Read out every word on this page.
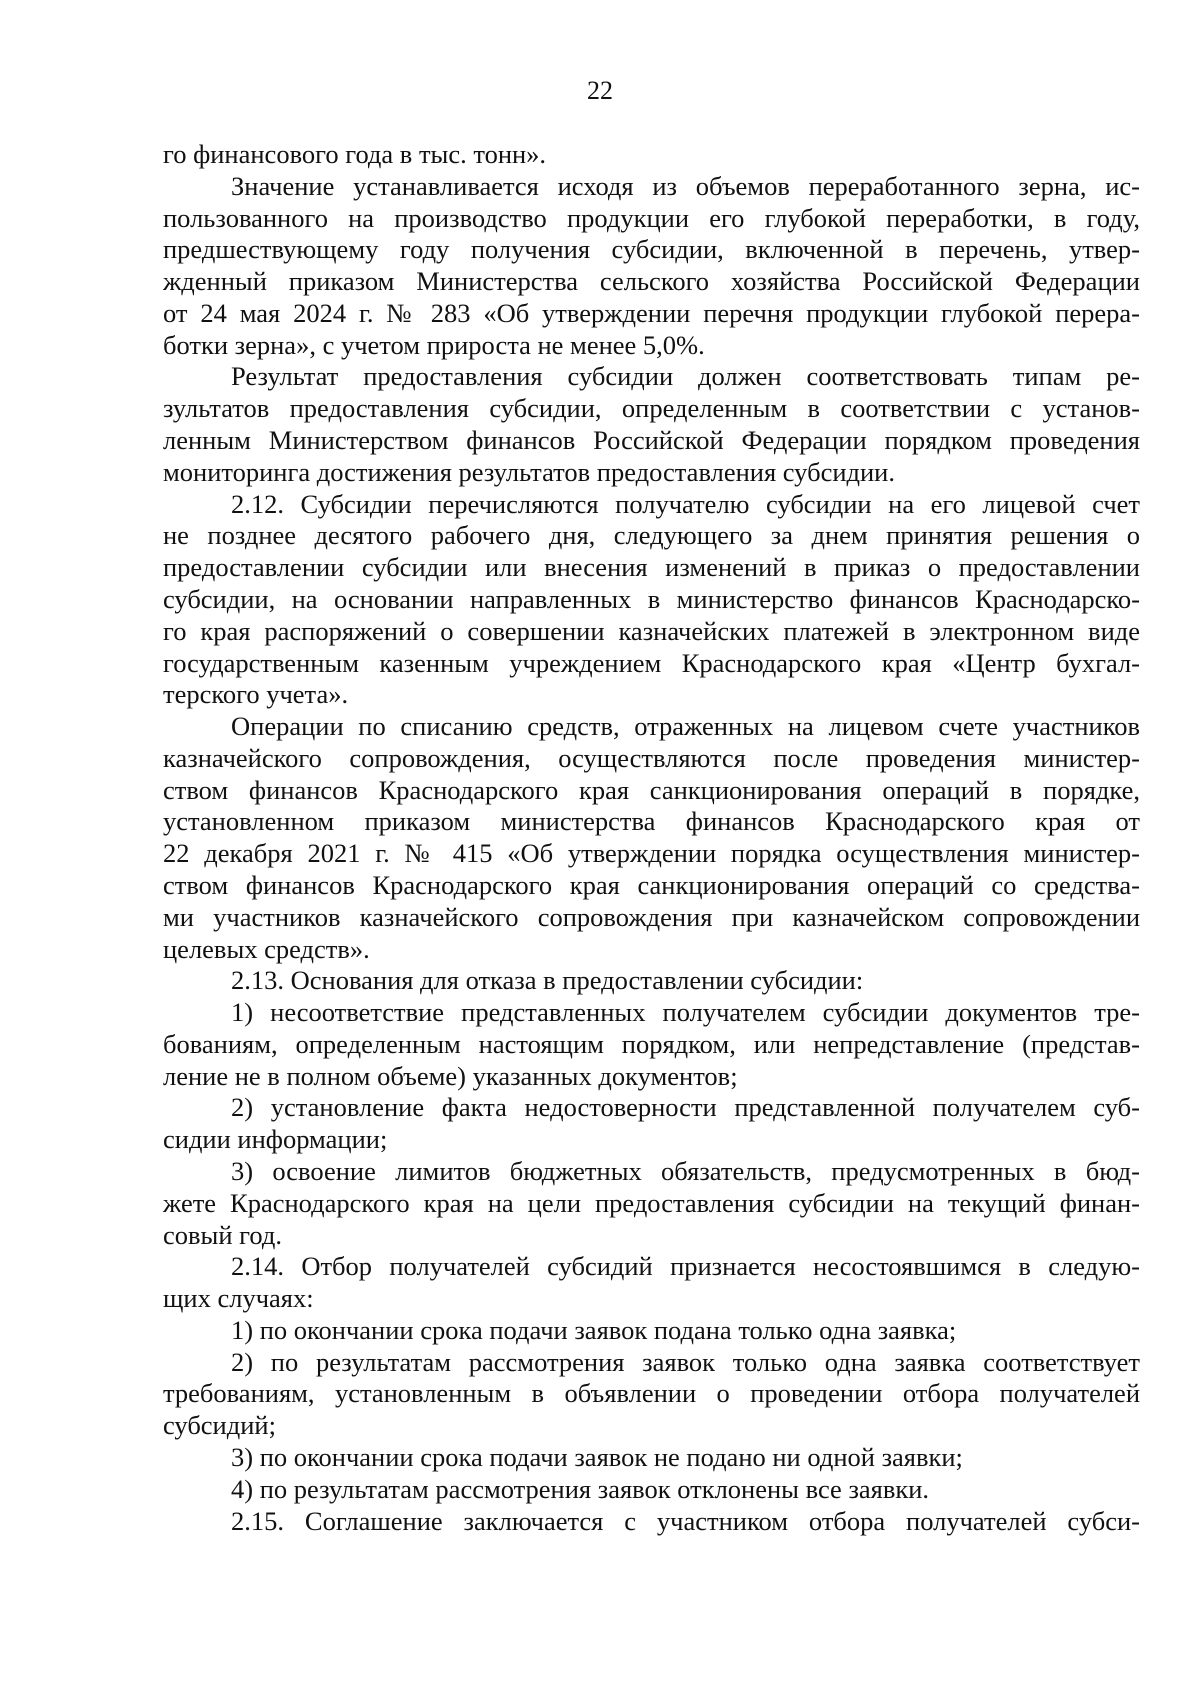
22
го финансового года в тыс. тонн».
Значение устанавливается исходя из объемов переработанного зерна, ис-
пользованного на производство продукции его глубокой переработки, в году,
предшествующему году получения субсидии, включенной в перечень, утвер-
жденный приказом Министерства сельского хозяйства Российской Федерации
от 24 мая 2024 г. № 283 «Об утверждении перечня продукции глубокой перера-
ботки зерна», с учетом прироста не менее 5,0%.
Результат предоставления субсидии должен соответствовать типам ре-
зультатов предоставления субсидии, определенным в соответствии с установ-
ленным Министерством финансов Российской Федерации порядком проведения
мониторинга достижения результатов предоставления субсидии.
2.12. Субсидии перечисляются получателю субсидии на его лицевой счет
не позднее десятого рабочего дня, следующего за днем принятия решения о
предоставлении субсидии или внесения изменений в приказ о предоставлении
субсидии, на основании направленных в министерство финансов Краснодарско-
го края распоряжений о совершении казначейских платежей в электронном виде
государственным казенным учреждением Краснодарского края «Центр бухгал-
терского учета».
Операции по списанию средств, отраженных на лицевом счете участников
казначейского сопровождения, осуществляются после проведения министер-
ством финансов Краснодарского края санкционирования операций в порядке,
установленном приказом министерства финансов Краснодарского края от
22 декабря 2021 г. № 415 «Об утверждении порядка осуществления министер-
ством финансов Краснодарского края санкционирования операций со средства-
ми участников казначейского сопровождения при казначейском сопровождении
целевых средств».
2.13. Основания для отказа в предоставлении субсидии:
1) несоответствие представленных получателем субсидии документов тре-
бованиям, определенным настоящим порядком, или непредставление (представ-
ление не в полном объеме) указанных документов;
2) установление факта недостоверности представленной получателем суб-
сидии информации;
3) освоение лимитов бюджетных обязательств, предусмотренных в бюд-
жете Краснодарского края на цели предоставления субсидии на текущий финан-
совый год.
2.14. Отбор получателей субсидий признается несостоявшимся в следую-
щих случаях:
1) по окончании срока подачи заявок подана только одна заявка;
2) по результатам рассмотрения заявок только одна заявка соответствует
требованиям, установленным в объявлении о проведении отбора получателей
субсидий;
3) по окончании срока подачи заявок не подано ни одной заявки;
4) по результатам рассмотрения заявок отклонены все заявки.
2.15. Соглашение заключается с участником отбора получателей субси-
